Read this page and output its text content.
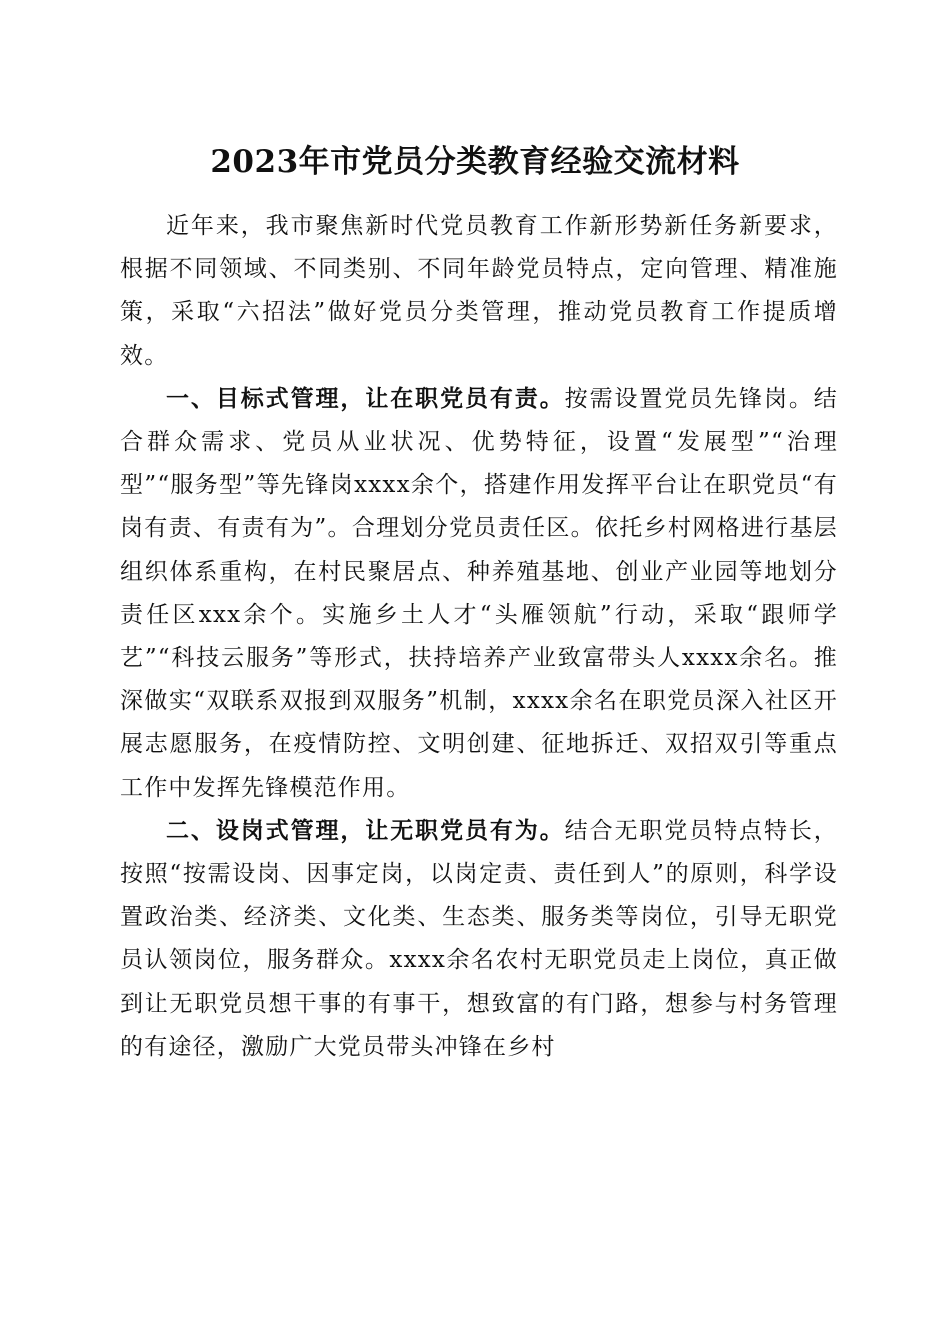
2023年市党员分类教育经验交流材料

近年来，我市聚焦新时代党员教育工作新形势新任务新要求，根据不同领域、不同类别、不同年龄党员特点，定向管理、精准施策，采取“六招法”做好党员分类管理，推动党员教育工作提质增效。

一、目标式管理，让在职党员有责。按需设置党员先锋岗。结合群众需求、党员从业状况、优势特征，设置“发展型”“治理型”“服务型”等先锋岗xxxx余个，搭建作用发挥平台让在职党员“有岗有责、有责有为”。合理划分党员责任区。依托乡村网格进行基层组织体系重构，在村民聚居点、种养殖基地、创业产业园等地划分责任区xxx余个。实施乡土人才“头雁领航”行动，采取“跟师学艺”“科技云服务”等形式，扶持培养产业致富带头人xxxx余名。推深做实“双联系双报到双服务”机制，xxxx余名在职党员深入社区开展志愿服务，在疫情防控、文明创建、征地拆迁、双招双引等重点工作中发挥先锋模范作用。

二、设岗式管理，让无职党员有为。结合无职党员特点特长，按照“按需设岗、因事定岗，以岗定责、责任到人”的原则，科学设置政治类、经济类、文化类、生态类、服务类等岗位，引导无职党员认领岗位，服务群众。xxxx余名农村无职党员走上岗位，真正做到让无职党员想干事的有事干，想致富的有门路，想参与村务管理的有途径，激励广大党员带头冲锋在乡村
